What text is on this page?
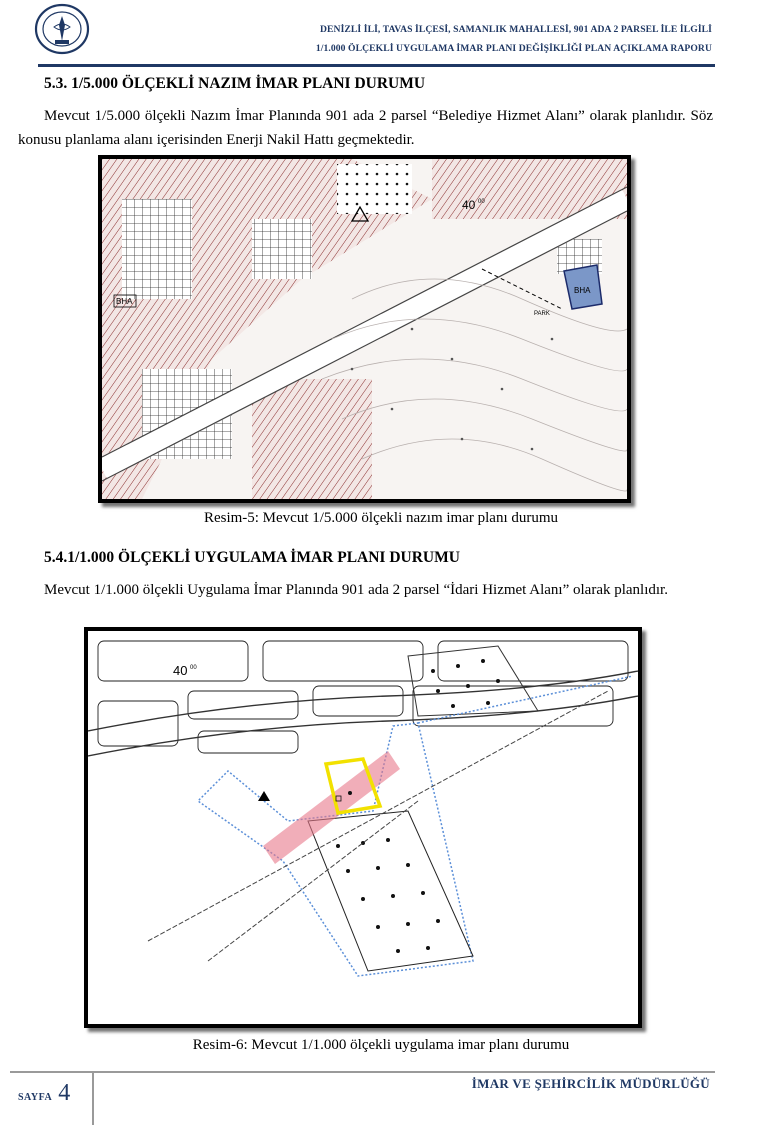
DENİZLİ İLİ, TAVAS İLÇESİ, SAMANLIK MAHALLESİ, 901 ADA 2 PARSEL İLE İLGİLİ
1/1.000 ÖLÇEKLİ UYGULAMA İMAR PLANI DEĞİŞİKLİĞİ PLAN AÇIKLAMA RAPORU
5.3. 1/5.000 ÖLÇEKLİ NAZIM İMAR PLANI DURUMU

Mevcut 1/5.000 ölçekli Nazım İmar Planında 901 ada 2 parsel “Belediye Hizmet Alanı” olarak planlıdır. Söz konusu planlama alanı içerisinden Enerji Nakil Hattı geçmektedir.

BHA
BHA
PARK
40 00
Resim-5: Mevcut 1/5.000 ölçekli nazım imar planı durumu
5.4.1/1.000 ÖLÇEKLİ UYGULAMA İMAR PLANI DURUMU

Mevcut 1/1.000 ölçekli Uygulama İmar Planında 901 ada 2 parsel “İdari Hizmet Alanı” olarak planlıdır.

40 00
Resim-6: Mevcut 1/1.000 ölçekli uygulama imar planı durumu
SAYFA 4	İMAR VE ŞEHİRCİLİK MÜDÜRLÜĞÜ
